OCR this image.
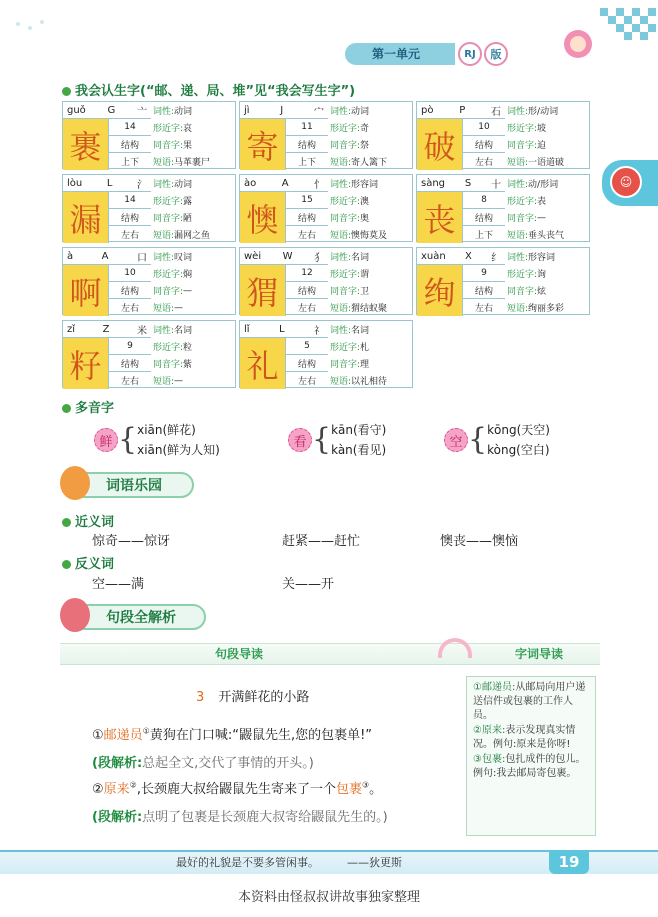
第一单元	RJ	版
☺
我会认生字(“邮、递、局、堆”见“我会写生字”)
guǒ G 亠
裹
14
结构
上下
词性: 动词
形近字: 哀
同音字: 果
短语: 马革裹尸
jì	J	宀
寄
11
结构
上下
词性: 动词
形近字: 奇
同音字: 祭
短语: 寄人篱下
pò	P	石
破
10
结构
左右
词性: 形/动词
形近字: 坡
同音字: 迫
短语: 一语道破
lòu L 氵
漏
14
结构
左右
词性: 动词
形近字: 露
同音字: 陋
短语: 漏网之鱼
ào	A	忄
懊
15
结构
左右
词性: 形容词
形近字: 澳
同音字: 奥
短语: 懊悔莫及
sàng S 十
丧
8
结构
上下
词性: 动/形词
形近字: 表
同音字: —
短语: 垂头丧气
à	A	口
啊
10
结构
左右
词性: 叹词
形近字: 焖
同音字: —
短语: —
wèi W 犭
猬
12
结构
左右
词性: 名词
形近字: 谓
同音字: 卫
短语: 猬结蚁聚
xuàn X 纟
绚
9
结构
左右
词性: 形容词
形近字: 询
同音字: 炫
短语: 绚丽多彩
zǐ	Z	米
籽
9
结构
左右
词性: 名词
形近字: 粒
同音字: 紫
短语: —
lǐ	L	礻
礼
5
结构
左右
词性: 名词
形近字: 札
同音字: 理
短语: 以礼相待
多音字
鲜 { xiān(鲜花)
xiān(鲜为人知)
看 { kān(看守)
kàn(看见)
空 { kōng(天空)
kòng(空白)
词语乐园
近义词
惊奇——惊讶	赶紧——赶忙	懊丧——懊恼
反义词
空——满	关——开
句段全解析
句段导读	字词导读
3 开满鲜花的小路
①邮递员①黄狗在门口喊:“鼹鼠先生,您的包裹单!”
(段解析:总起全文,交代了事情的开头。)
②原来②,长颈鹿大叔给鼹鼠先生寄来了一个包裹③。
(段解析:点明了包裹是长颈鹿大叔寄给鼹鼠先生的。)

①邮递员:从邮局向用户递送信件或包裹的工作人员。

②原来:表示发现真实情况。例句:原来是你呀!

③包裹:包扎成件的包儿。例句:我去邮局寄包裹。

最好的礼貌是不要多管闲事。	——狄更斯	19
本资料由怪叔叔讲故事独家整理
